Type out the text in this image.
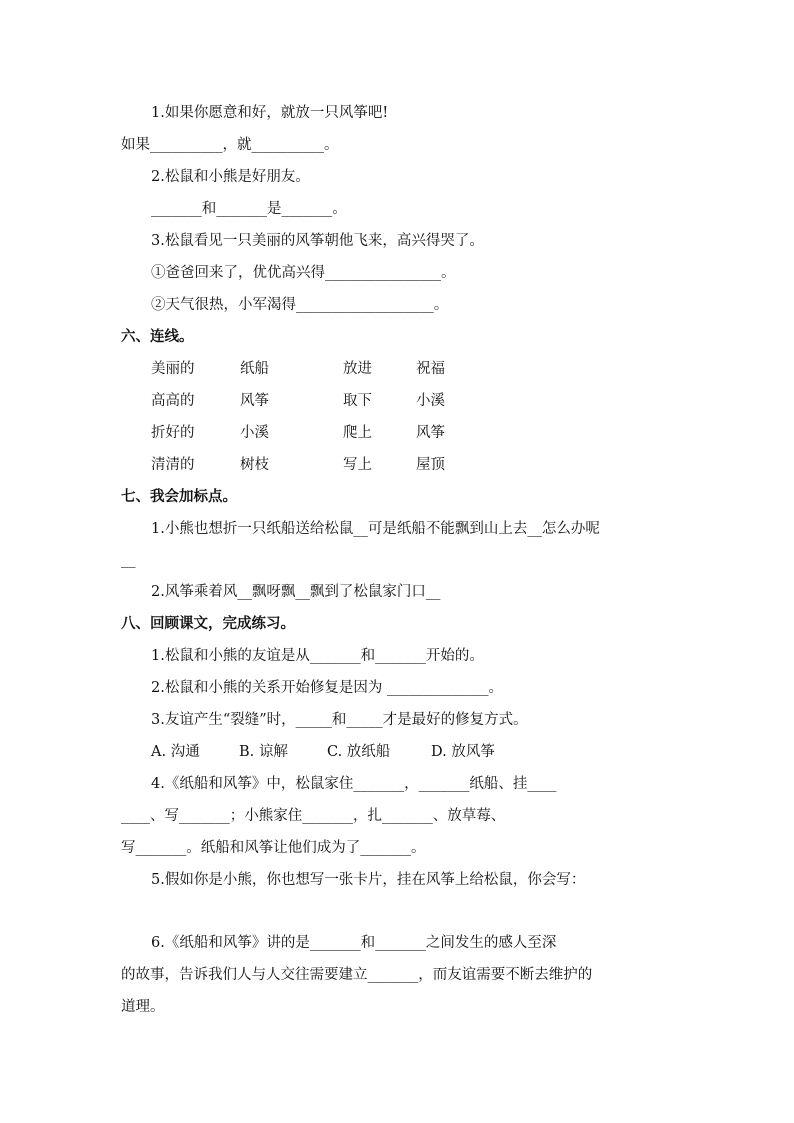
1.如果你愿意和好，就放一只风筝吧!
如果__________，就__________。
2.松鼠和小熊是好朋友。
_______和_______是_______。
3.松鼠看见一只美丽的风筝朝他飞来，高兴得哭了。
①爸爸回来了，优优高兴得________________。
②天气很热，小军渴得___________________。
六、连线。
美丽的	纸船	放进	祝福
高高的	风筝	取下	小溪
折好的	小溪	爬上	风筝
清清的	树枝	写上	屋顶
七、我会加标点。
1.小熊也想折一只纸船送给松鼠__可是纸船不能飘到山上去__怎么办呢
__
2.风筝乘着风__飘呀飘__飘到了松鼠家门口__
八、回顾课文，完成练习。
1.松鼠和小熊的友谊是从_______和_______开始的。
2.松鼠和小熊的关系开始修复是因为 ______________。
3.友谊产生“裂缝”时，_____和_____才是最好的修复方式。
A. 沟通	B. 谅解	C. 放纸船	D. 放风筝
4.《纸船和风筝》中，松鼠家住_______，_______纸船、挂____
____、写_______；小熊家住_______，扎_______、放草莓、
写_______。纸船和风筝让他们成为了_______。
5.假如你是小熊，你也想写一张卡片，挂在风筝上给松鼠，你会写：
6.《纸船和风筝》讲的是_______和_______之间发生的感人至深
的故事，告诉我们人与人交往需要建立_______，而友谊需要不断去维护的
道理。
